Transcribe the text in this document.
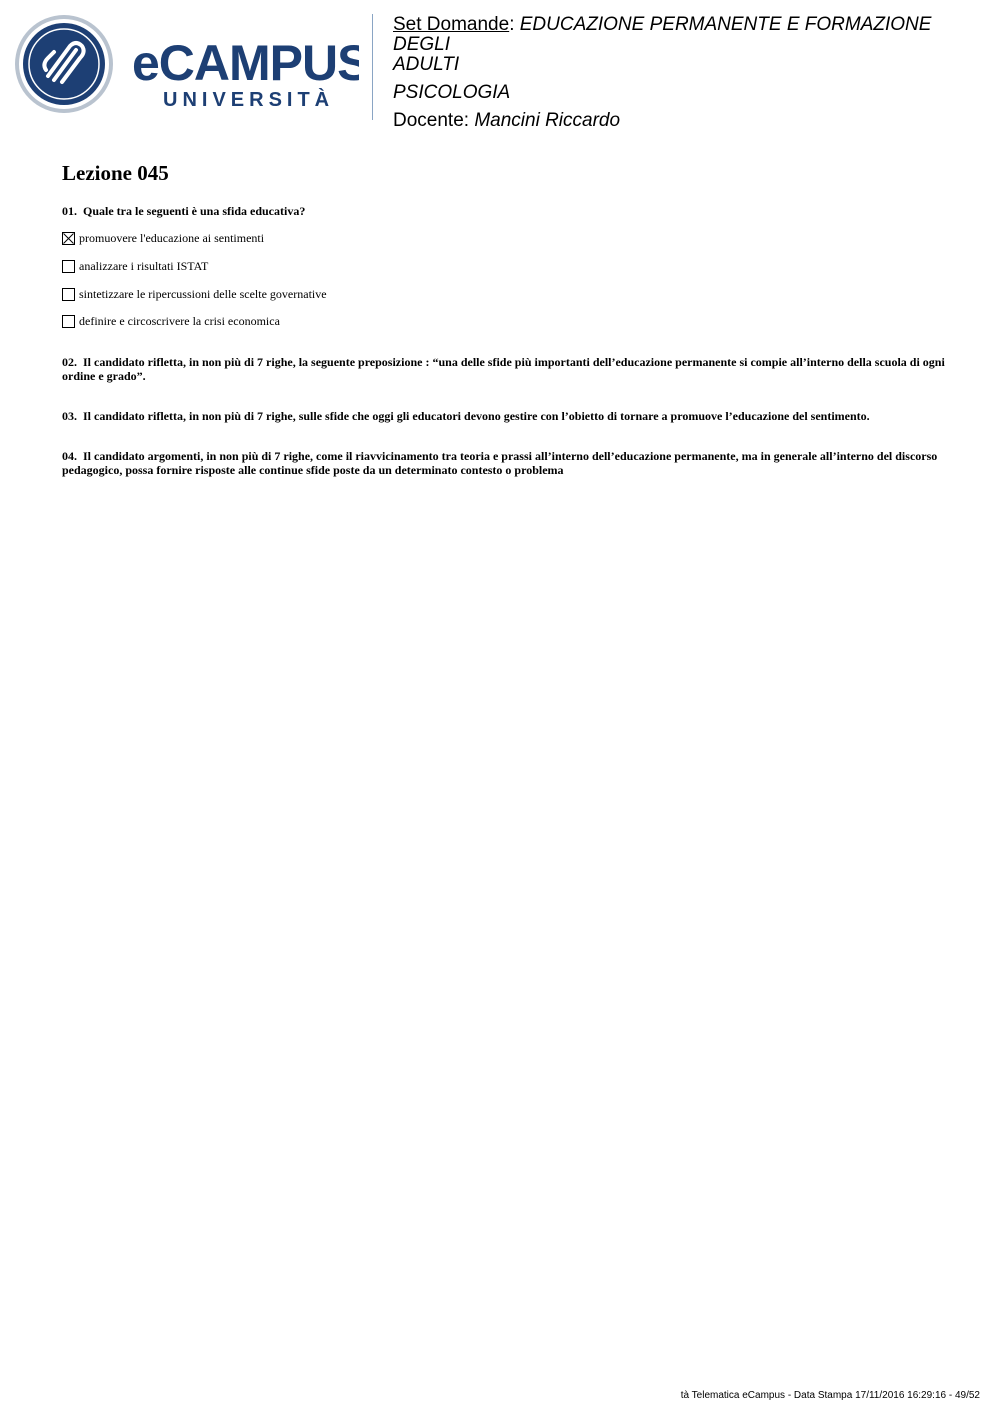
eCAMPUS
UNIVERSITÀ

Set Domande: EDUCAZIONE PERMANENTE E FORMAZIONE DEGLI

ADULTI

PSICOLOGIA

Docente: Mancini Riccardo

Lezione 045
01. Quale tra le seguenti è una sfida educativa?
promuovere l'educazione ai sentimenti
analizzare i risultati ISTAT
sintetizzare le ripercussioni delle scelte governative
definire e circoscrivere la crisi economica
02. Il candidato rifletta, in non più di 7 righe, la seguente preposizione : “una delle sfide più importanti dell’educazione permanente si compie all’interno della scuola di ogni ordine e grado”.
03. Il candidato rifletta, in non più di 7 righe, sulle sfide che oggi gli educatori devono gestire con l’obietto di tornare a promuove l’educazione del sentimento.
04. Il candidato argomenti, in non più di 7 righe, come il riavvicinamento tra teoria e prassi all’interno dell’educazione permanente, ma in generale all’interno del discorso pedagogico, possa fornire risposte alle continue sfide poste da un determinato contesto o problema
tà Telematica eCampus - Data Stampa 17/11/2016 16:29:16 - 49/52
